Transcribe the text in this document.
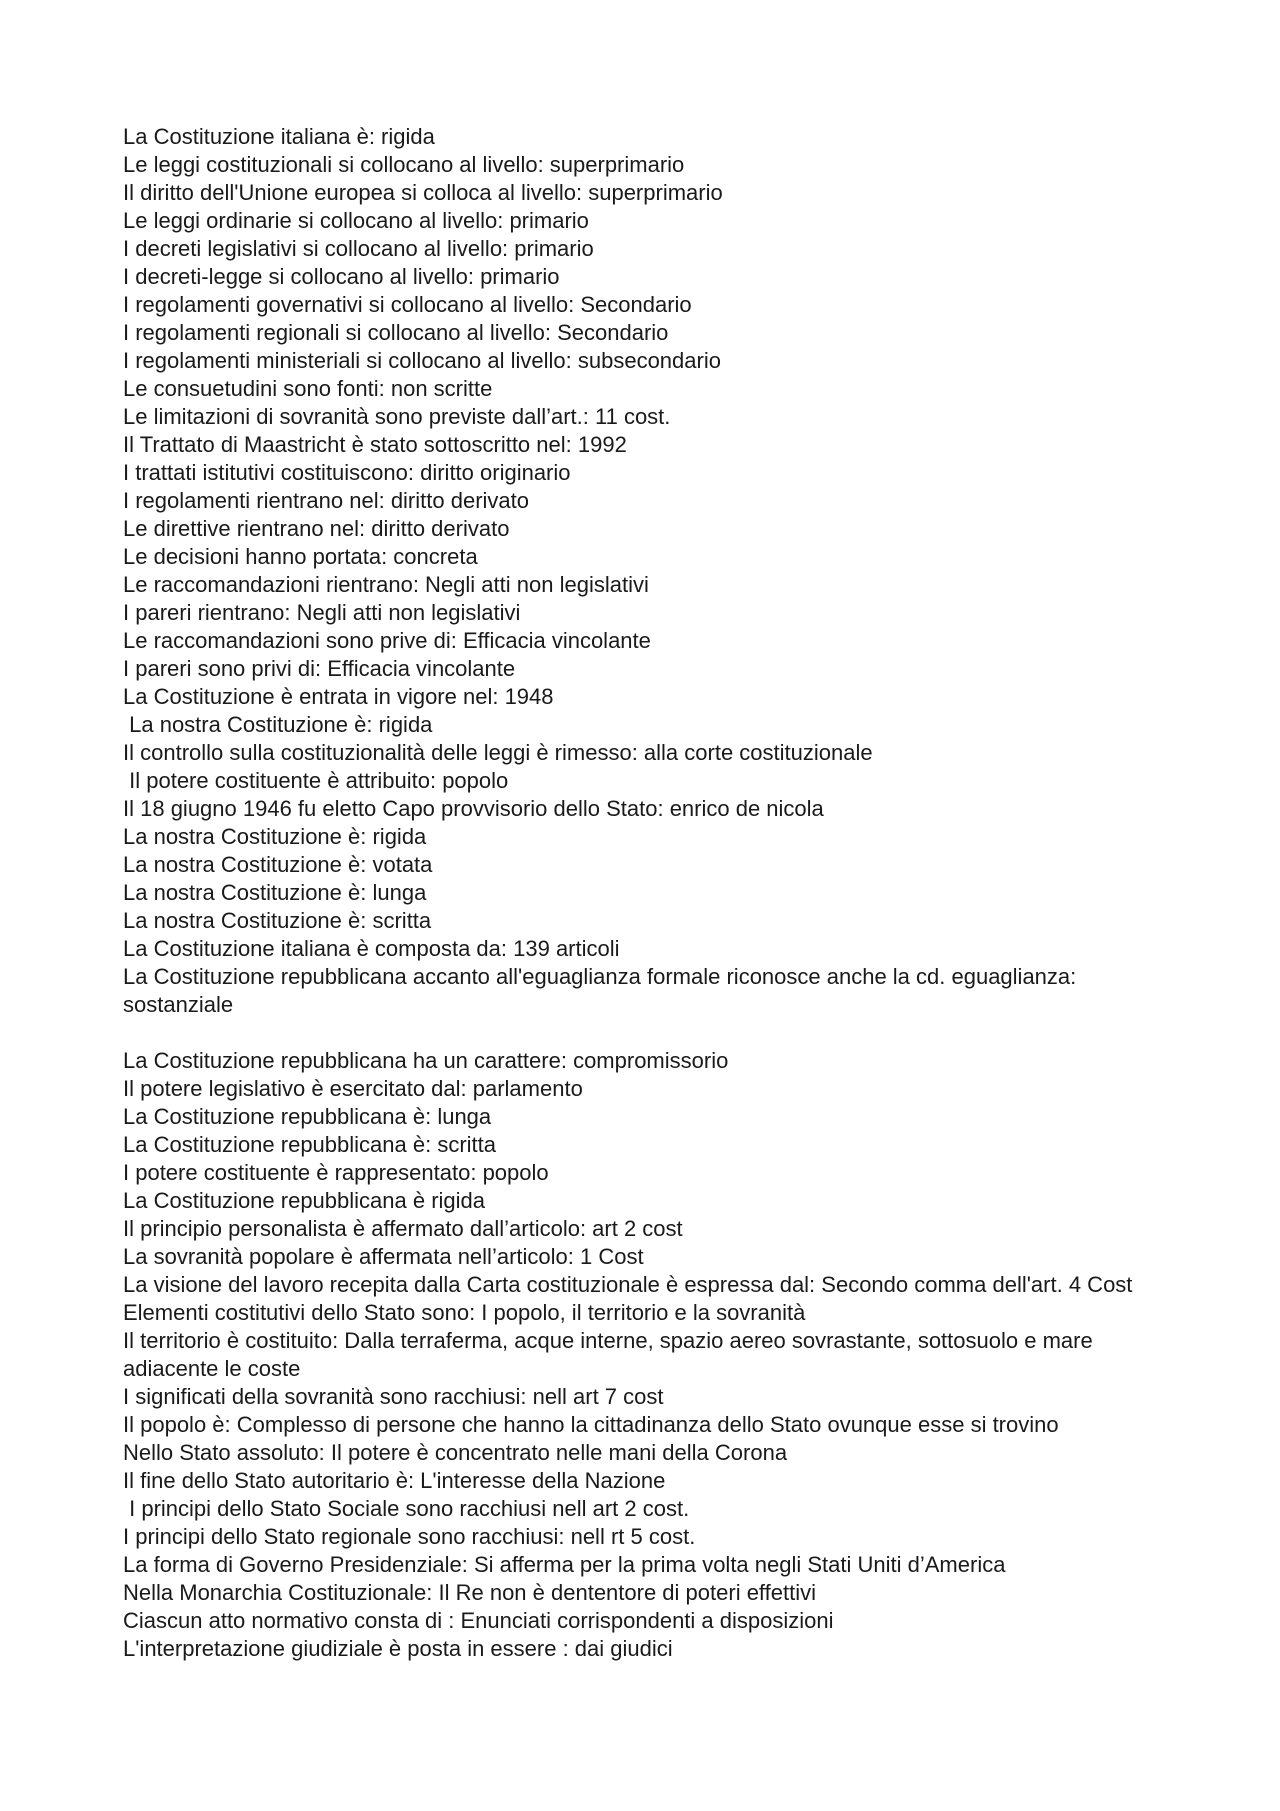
La Costituzione italiana è: rigida
Le leggi costituzionali si collocano al livello: superprimario
Il diritto dell'Unione europea si colloca al livello: superprimario
Le leggi ordinarie si collocano al livello: primario
I decreti legislativi si collocano al livello: primario
I decreti-legge si collocano al livello: primario
I regolamenti governativi si collocano al livello: Secondario
I regolamenti regionali si collocano al livello: Secondario
I regolamenti ministeriali si collocano al livello: subsecondario
Le consuetudini sono fonti: non scritte
Le limitazioni di sovranità sono previste dall’art.: 11 cost.
Il Trattato di Maastricht è stato sottoscritto nel: 1992
I trattati istitutivi costituiscono: diritto originario
I regolamenti rientrano nel: diritto derivato
Le direttive rientrano nel: diritto derivato
Le decisioni hanno portata: concreta
Le raccomandazioni rientrano: Negli atti non legislativi
I pareri rientrano: Negli atti non legislativi
Le raccomandazioni sono prive di: Efficacia vincolante
I pareri sono privi di: Efficacia vincolante
La Costituzione è entrata in vigore nel: 1948
La nostra Costituzione è: rigida
Il controllo sulla costituzionalità delle leggi è rimesso: alla corte costituzionale
Il potere costituente è attribuito: popolo
Il 18 giugno 1946 fu eletto Capo provvisorio dello Stato: enrico de nicola
La nostra Costituzione è: rigida
La nostra Costituzione è: votata
La nostra Costituzione è: lunga
La nostra Costituzione è: scritta
La Costituzione italiana è composta da: 139 articoli
La Costituzione repubblicana accanto all'eguaglianza formale riconosce anche la cd. eguaglianza: sostanziale
La Costituzione repubblicana ha un carattere: compromissorio
Il potere legislativo è esercitato dal: parlamento
La Costituzione repubblicana è: lunga
La Costituzione repubblicana è: scritta
I potere costituente è rappresentato: popolo
La Costituzione repubblicana è rigida
Il principio personalista è affermato dall’articolo: art 2 cost
La sovranità popolare è affermata nell’articolo: 1 Cost
La visione del lavoro recepita dalla Carta costituzionale è espressa dal: Secondo comma dell'art. 4 Cost
Elementi costitutivi dello Stato sono: I popolo, il territorio e la sovranità
Il territorio è costituito: Dalla terraferma, acque interne, spazio aereo sovrastante, sottosuolo e mare adiacente le coste
I significati della sovranità sono racchiusi: nell art 7 cost
Il popolo è: Complesso di persone che hanno la cittadinanza dello Stato ovunque esse si trovino
Nello Stato assoluto: Il potere è concentrato nelle mani della Corona
Il fine dello Stato autoritario è: L'interesse della Nazione
I principi dello Stato Sociale sono racchiusi nell art 2 cost.
I principi dello Stato regionale sono racchiusi: nell rt 5 cost.
La forma di Governo Presidenziale: Si afferma per la prima volta negli Stati Uniti d’America
Nella Monarchia Costituzionale: Il Re non è dententore di poteri effettivi
Ciascun atto normativo consta di : Enunciati corrispondenti a disposizioni
L'interpretazione giudiziale è posta in essere : dai giudici
